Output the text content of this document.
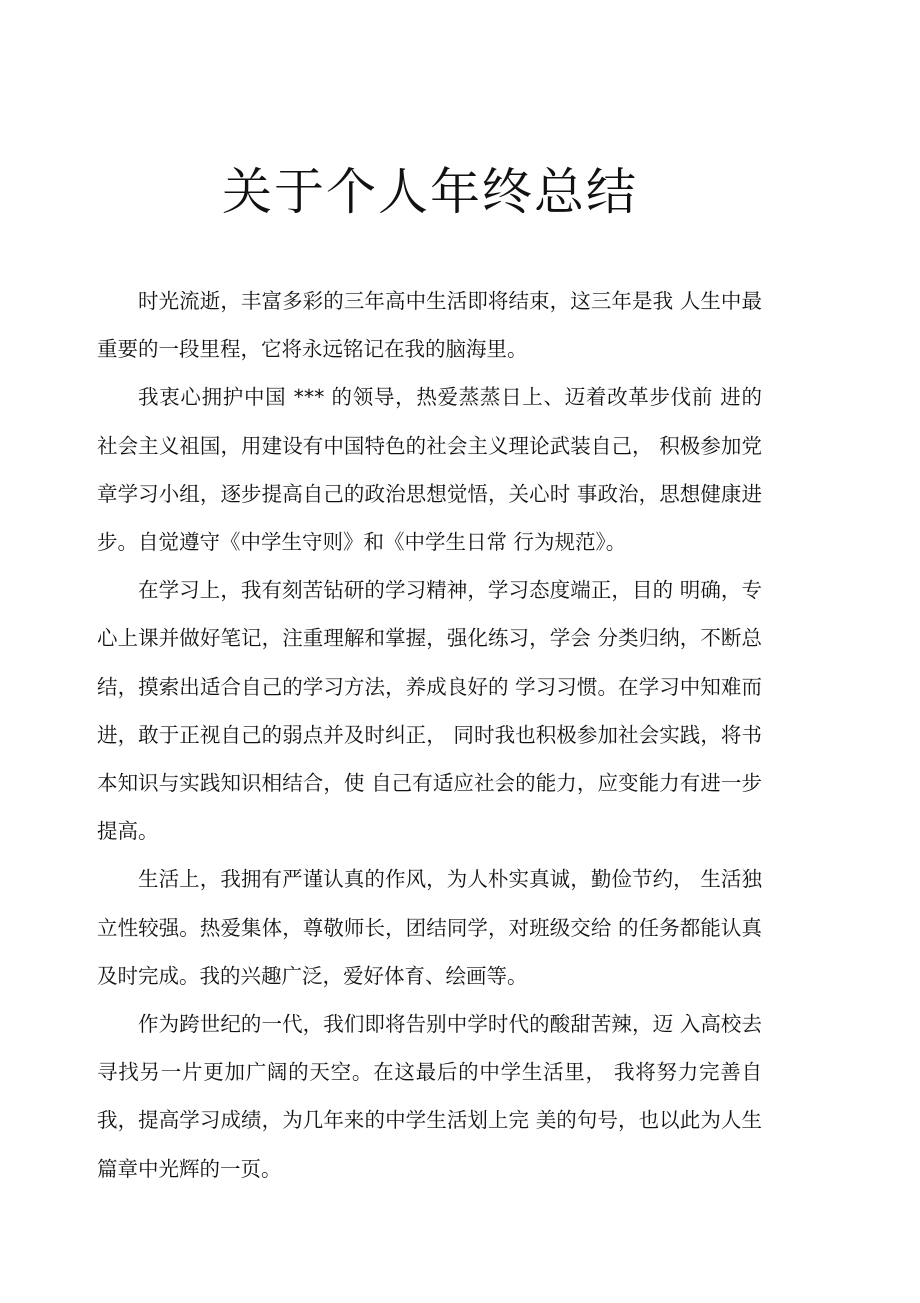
关于个人年终总结

时光流逝，丰富多彩的三年高中生活即将结束，这三年是我 人生中最重要的一段里程，它将永远铭记在我的脑海里。

我衷心拥护中国 *** 的领导，热爱蒸蒸日上、迈着改革步伐前 进的社会主义祖国，用建设有中国特色的社会主义理论武装自己， 积极参加党章学习小组，逐步提高自己的政治思想觉悟，关心时 事政治，思想健康进步。自觉遵守《中学生守则》和《中学生日常 行为规范》。

在学习上，我有刻苦钻研的学习精神，学习态度端正，目的 明确，专心上课并做好笔记，注重理解和掌握，强化练习，学会 分类归纳，不断总结，摸索出适合自己的学习方法，养成良好的 学习习惯。在学习中知难而进，敢于正视自己的弱点并及时纠正， 同时我也积极参加社会实践，将书本知识与实践知识相结合，使 自己有适应社会的能力，应变能力有进一步提高。

生活上，我拥有严谨认真的作风，为人朴实真诚，勤俭节约， 生活独立性较强。热爱集体，尊敬师长，团结同学，对班级交给 的任务都能认真及时完成。我的兴趣广泛，爱好体育、绘画等。

作为跨世纪的一代，我们即将告别中学时代的酸甜苦辣，迈 入高校去寻找另一片更加广阔的天空。在这最后的中学生活里， 我将努力完善自我，提高学习成绩，为几年来的中学生活划上完 美的句号，也以此为人生篇章中光辉的一页。
